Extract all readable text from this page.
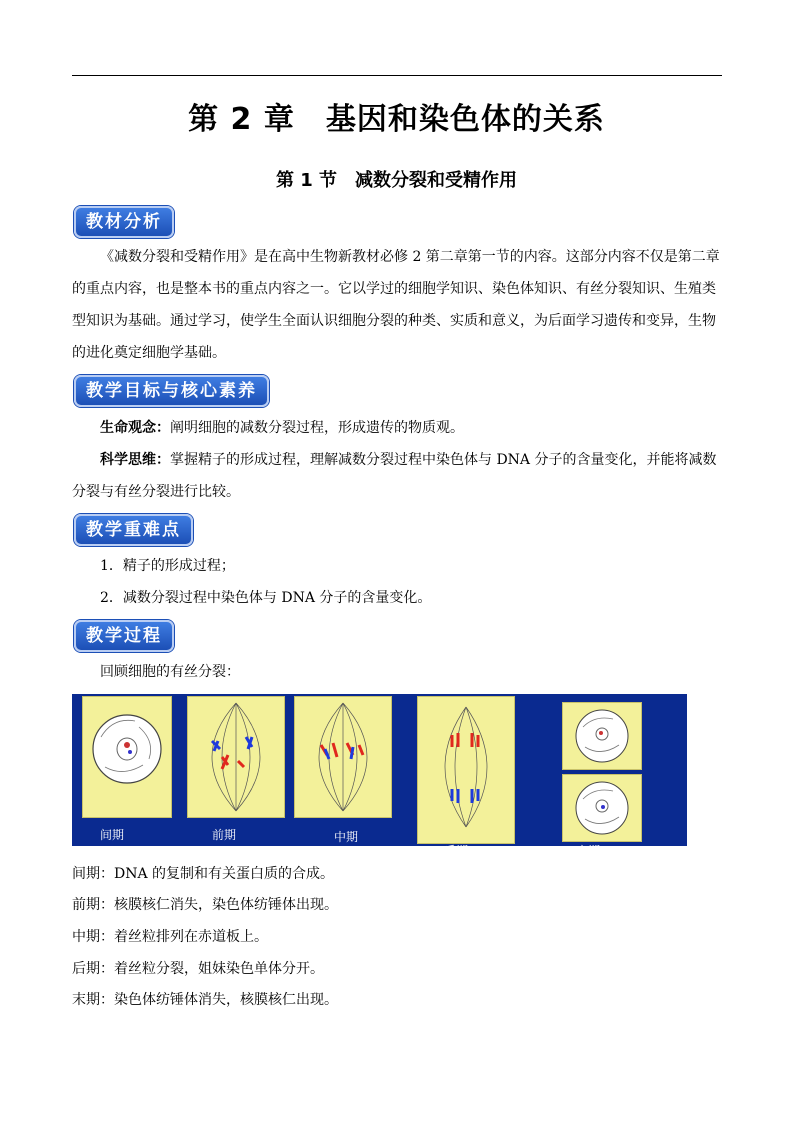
第 2 章　基因和染色体的关系
第 1 节　减数分裂和受精作用
教材分析
《减数分裂和受精作用》是在高中生物新教材必修 2 第二章第一节的内容。这部分内容不仅是第二章的重点内容，也是整本书的重点内容之一。它以学过的细胞学知识、染色体知识、有丝分裂知识、生殖类型知识为基础。通过学习，使学生全面认识细胞分裂的种类、实质和意义，为后面学习遗传和变异，生物的进化奠定细胞学基础。
教学目标与核心素养
生命观念：阐明细胞的减数分裂过程，形成遗传的物质观。
科学思维：掌握精子的形成过程，理解减数分裂过程中染色体与 DNA 分子的含量变化，并能将减数分裂与有丝分裂进行比较。
教学重难点
1．精子的形成过程；
2．减数分裂过程中染色体与 DNA 分子的含量变化。
教学过程
回顾细胞的有丝分裂：
间期	前期	中期
后期	末期
间期：DNA 的复制和有关蛋白质的合成。
前期：核膜核仁消失，染色体纺锤体出现。
中期：着丝粒排列在赤道板上。
后期：着丝粒分裂，姐妹染色单体分开。
末期：染色体纺锤体消失，核膜核仁出现。
